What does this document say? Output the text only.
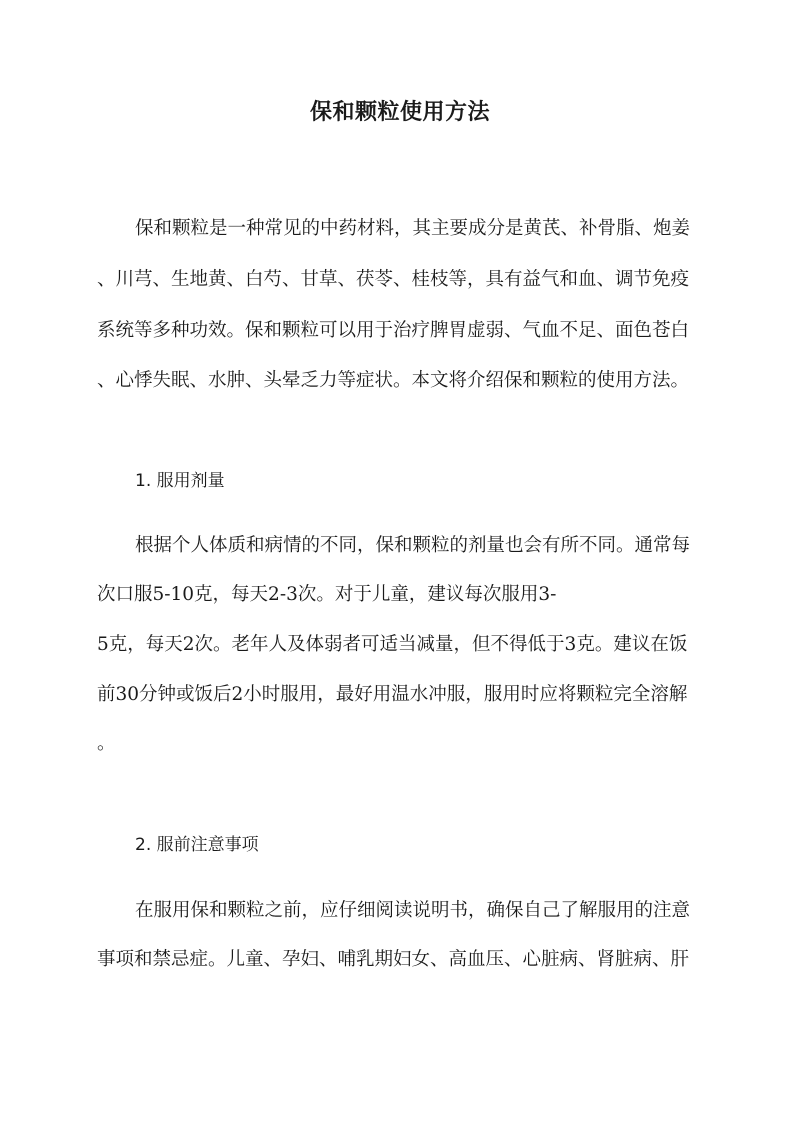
保和颗粒使用方法
保和颗粒是一种常见的中药材料，其主要成分是黄芪、补骨脂、炮姜
、川芎、生地黄、白芍、甘草、茯苓、桂枝等，具有益气和血、调节免疫
系统等多种功效。保和颗粒可以用于治疗脾胃虚弱、气血不足、面色苍白
、心悸失眠、水肿、头晕乏力等症状。本文将介绍保和颗粒的使用方法。
1. 服用剂量
根据个人体质和病情的不同，保和颗粒的剂量也会有所不同。通常每
次口服5-10克，每天2-3次。对于儿童，建议每次服用3-
5克，每天2次。老年人及体弱者可适当减量，但不得低于3克。建议在饭
前30分钟或饭后2小时服用，最好用温水冲服，服用时应将颗粒完全溶解
。
2. 服前注意事项
在服用保和颗粒之前，应仔细阅读说明书，确保自己了解服用的注意
事项和禁忌症。儿童、孕妇、哺乳期妇女、高血压、心脏病、肾脏病、肝
